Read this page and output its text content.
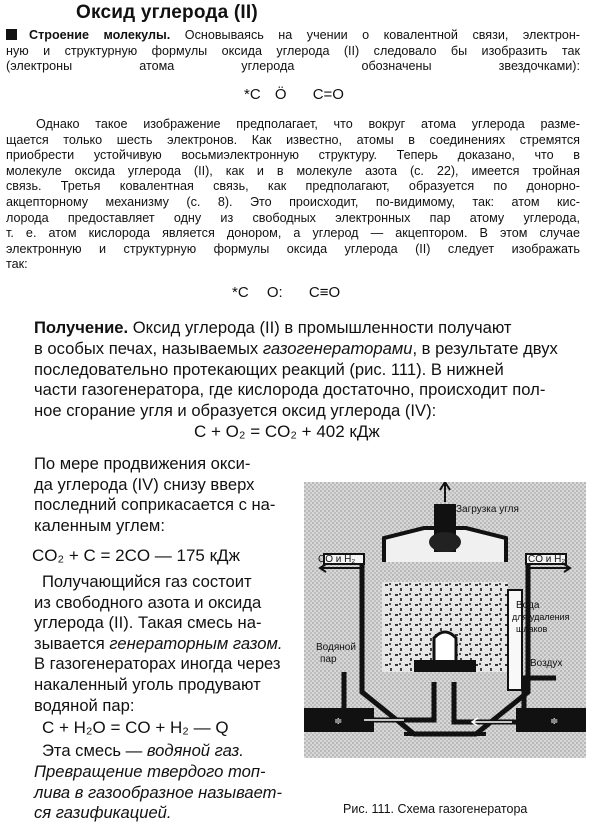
Оксид углерода (II)
Строение молекулы. Основываясь на учении о ковалентной связи, электрон-
ную и структурную формулы оксида углерода (II) следовало бы изобразить так
(электроны атома углерода обозначены звездочками):
*C Ö C=O
Однако такое изображение предполагает, что вокруг атома углерода разме-
щается только шесть электронов. Как известно, атомы в соединениях стремятся
приобрести устойчивую восьмиэлектронную структуру. Теперь доказано, что в
молекуле оксида углерода (II), как и в молекуле азота (с. 22), имеется тройная
связь. Третья ковалентная связь, как предполагают, образуется по донорно-
акцепторному механизму (с. 8). Это происходит, по-видимому, так: атом кис-
лорода предоставляет одну из свободных электронных пар атому углерода,
т. е. атом кислорода является донором, а углерод — акцептором. В этом случае
электронную и структурную формулы оксида углерода (II) следует изображать
так:
*C O: C≡O
Получение. Оксид углерода (II) в промышленности получают
в особых печах, называемых газогенераторами, в результате двух
последовательно протекающих реакций (рис. 111). В нижней
части газогенератора, где кислорода достаточно, происходит пол-
ное сгорание угля и образуется оксид углерода (IV):
C + O₂ = CO₂ + 402 кДж
По мере продвижения окси-
да углерода (IV) снизу вверх
последний соприкасается с на-
каленным углем:
CO₂ + C = 2CO — 175 кДж
Получающийся газ состоит
из свободного азота и оксида
углерода (II). Такая смесь на-
зывается генераторным газом.
В газогенераторах иногда через
накаленный уголь продувают
водяной пар:
C + H₂O = CO + H₂ — Q
Эта смесь — водяной газ.
Превращение твердого топ-
лива в газообразное называет-
ся газификацией.
≑	≑
Загрузка угля
CO и H₂	CO и H₂
Вода
для удаления
шлаков
Водяной
пар	Воздух
Рис. 111. Схема газогенератора
